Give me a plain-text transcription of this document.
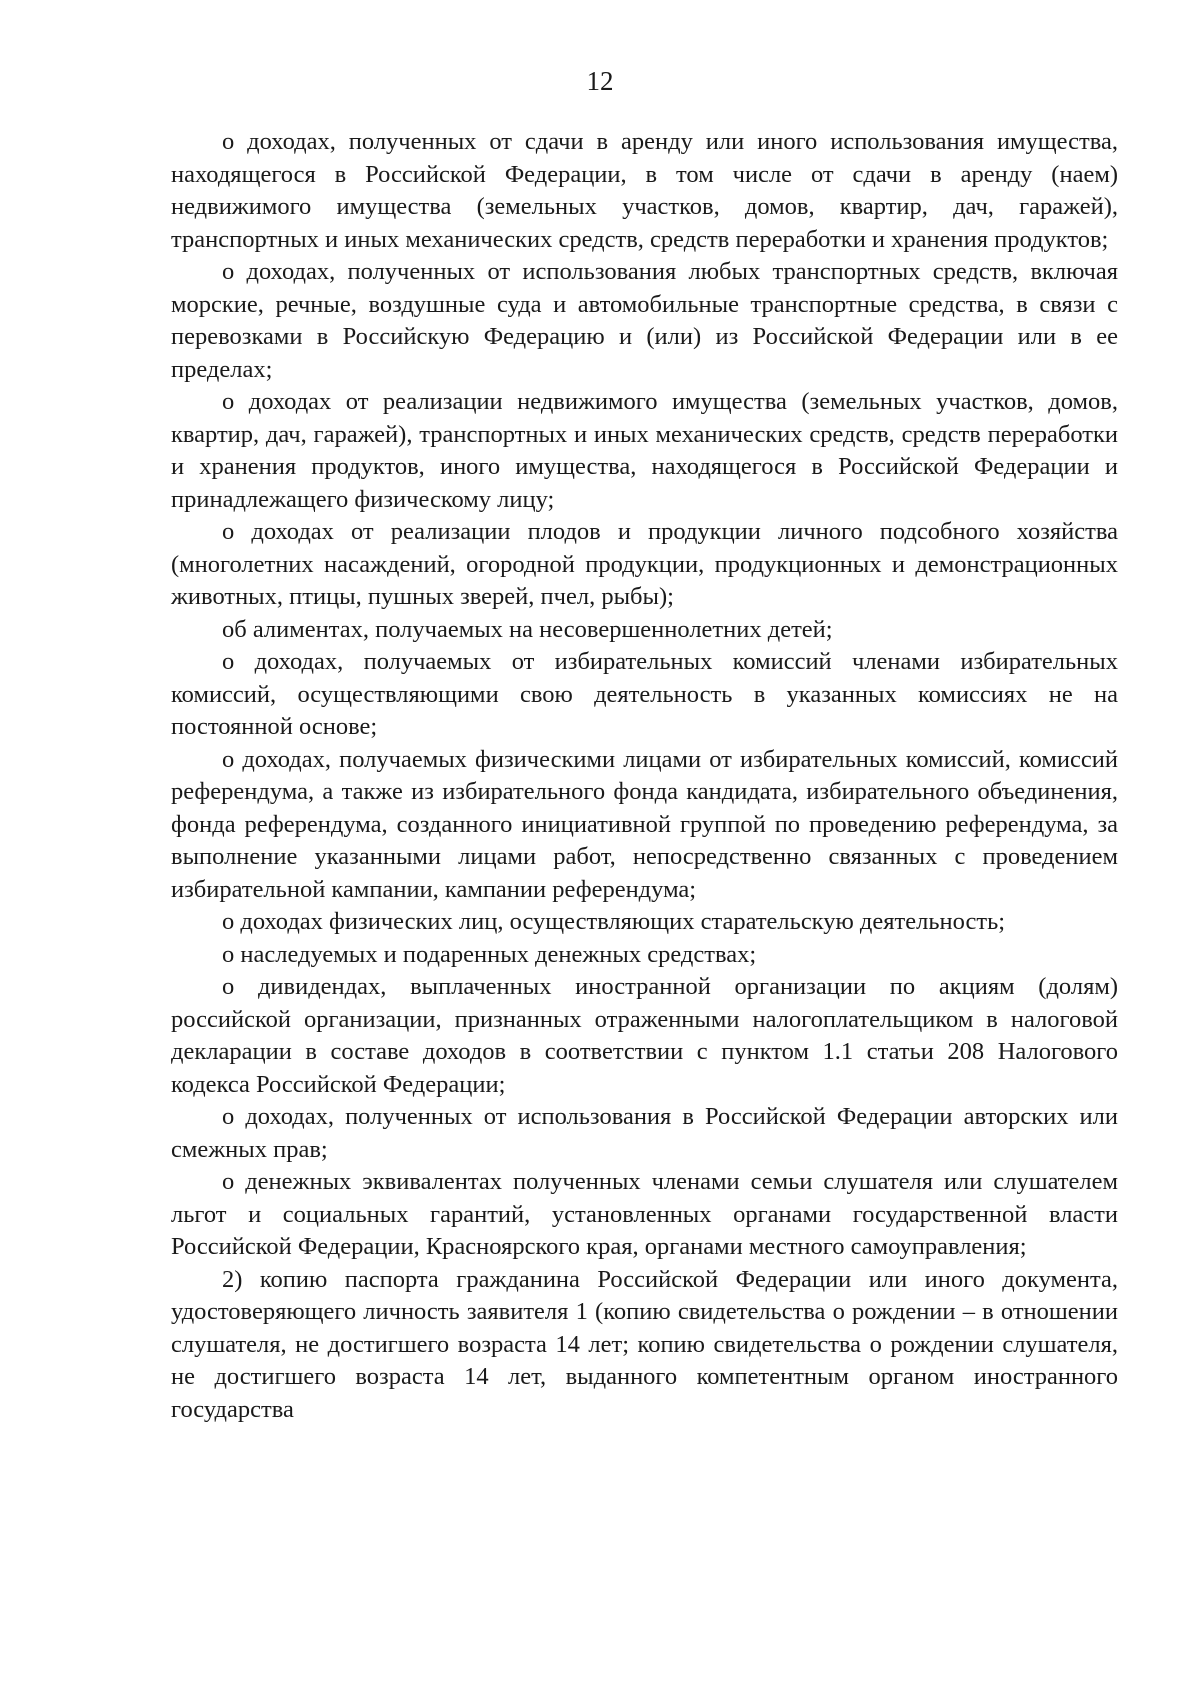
12

о доходах, полученных от сдачи в аренду или иного использования имущества, находящегося в Российской Федерации, в том числе от сдачи в аренду (наем) недвижимого имущества (земельных участков, домов, квартир, дач, гаражей), транспортных и иных механических средств, средств переработки и хранения продуктов;

о доходах, полученных от использования любых транспортных средств, включая морские, речные, воздушные суда и автомобильные транспортные средства, в связи с перевозками в Российскую Федерацию и (или) из Российской Федерации или в ее пределах;

о доходах от реализации недвижимого имущества (земельных участков, домов, квартир, дач, гаражей), транспортных и иных механических средств, средств переработки и хранения продуктов, иного имущества, находящегося в Российской Федерации и принадлежащего физическому лицу;

о доходах от реализации плодов и продукции личного подсобного хозяйства (многолетних насаждений, огородной продукции, продукционных и демонстрационных животных, птицы, пушных зверей, пчел, рыбы);

об алиментах, получаемых на несовершеннолетних детей;

о доходах, получаемых от избирательных комиссий членами избирательных комиссий, осуществляющими свою деятельность в указанных комиссиях не на постоянной основе;

о доходах, получаемых физическими лицами от избирательных комиссий, комиссий референдума, а также из избирательного фонда кандидата, избирательного объединения, фонда референдума, созданного инициативной группой по проведению референдума, за выполнение указанными лицами работ, непосредственно связанных с проведением избирательной кампании, кампании референдума;

о доходах физических лиц, осуществляющих старательскую деятельность;

о наследуемых и подаренных денежных средствах;

о дивидендах, выплаченных иностранной организации по акциям (долям) российской организации, признанных отраженными налогоплательщиком в налоговой декларации в составе доходов в соответствии с пунктом 1.1 статьи 208 Налогового кодекса Российской Федерации;

о доходах, полученных от использования в Российской Федерации авторских или смежных прав;

о денежных эквивалентах полученных членами семьи слушателя или слушателем льгот и социальных гарантий, установленных органами государственной власти Российской Федерации, Красноярского края, органами местного самоуправления;

2) копию паспорта гражданина Российской Федерации или иного документа, удостоверяющего личность заявителя 1 (копию свидетельства о рождении – в отношении слушателя, не достигшего возраста 14 лет; копию свидетельства о рождении слушателя, не достигшего возраста 14 лет, выданного компетентным органом иностранного государства
